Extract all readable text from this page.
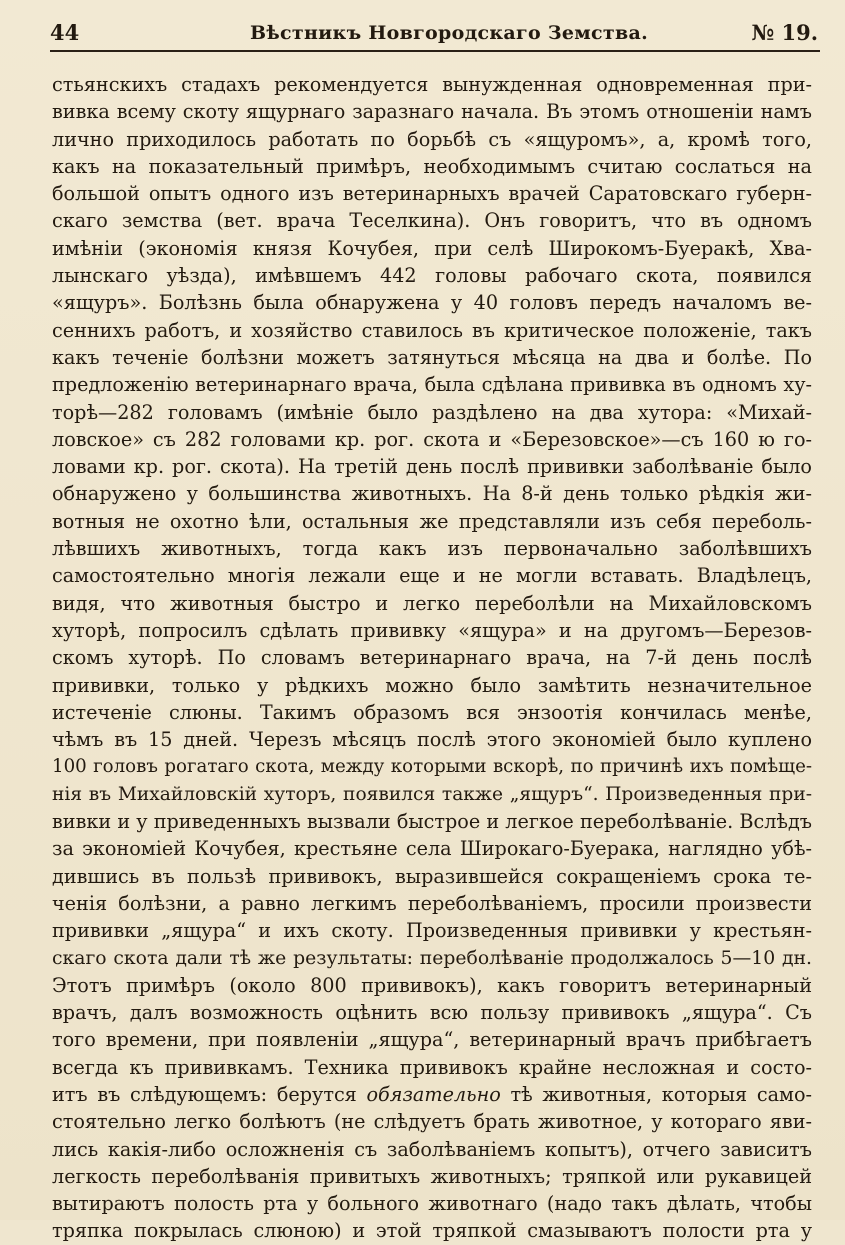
44	Вѣстникъ Новгородскаго Земства.	№ 19.
стьянскихъ стадахъ рекомендуется вынужденная одновременная при-
вивка всему скоту ящурнаго заразнаго начала. Въ этомъ отношеніи намъ
лично приходилось работать по борьбѣ съ «ящуромъ», а, кромѣ того,
какъ на показательный примѣръ, необходимымъ считаю сослаться на
большой опытъ одного изъ ветеринарныхъ врачей Саратовскаго губерн-
скаго земства (вет. врача Теселкина). Онъ говоритъ, что въ одномъ
имѣніи (экономія князя Кочубея, при селѣ Широкомъ-Буеракѣ, Хва-
лынскаго уѣзда), имѣвшемъ 442 головы рабочаго скота, появился
«ящуръ». Болѣзнь была обнаружена у 40 головъ передъ началомъ ве-
сеннихъ работъ, и хозяйство ставилось въ критическое положеніе, такъ
какъ теченіе болѣзни можетъ затянуться мѣсяца на два и болѣе. По
предложенію ветеринарнаго врача, была сдѣлана прививка въ одномъ ху-
торѣ—282 головамъ (имѣніе было раздѣлено на два хутора: «Михай-
ловское» съ 282 головами кр. рог. скота и «Березовское»—съ 160 ю го-
ловами кр. рог. скота). На третій день послѣ прививки заболѣваніе было
обнаружено у большинства животныхъ. На 8-й день только рѣдкія жи-
вотныя не охотно ѣли, остальныя же представляли изъ себя переболь-
лѣвшихъ животныхъ, тогда какъ изъ первоначально заболѣвшихъ
самостоятельно многія лежали еще и не могли вставать. Владѣлецъ,
видя, что животныя быстро и легко переболѣли на Михайловскомъ
хуторѣ, попросилъ сдѣлать прививку «ящура» и на другомъ—Березов-
скомъ хуторѣ. По словамъ ветеринарнаго врача, на 7-й день послѣ
прививки, только у рѣдкихъ можно было замѣтить незначительное
истеченіе слюны. Такимъ образомъ вся энзоотія кончилась менѣе,
чѣмъ въ 15 дней. Черезъ мѣсяцъ послѣ этого экономіей было куплено
100 головъ рогатаго скота, между которыми вскорѣ, по причинѣ ихъ помѣще-
нія въ Михайловскій хуторъ, появился также „ящуръ“. Произведенныя при-
вивки и у приведенныхъ вызвали быстрое и легкое переболѣваніе. Вслѣдъ
за экономіей Кочубея, крестьяне села Широкаго-Буерака, наглядно убѣ-
дившись въ пользѣ прививокъ, выразившейся сокращеніемъ срока те-
ченія болѣзни, а равно легкимъ переболѣваніемъ, просили произвести
прививки „ящура“ и ихъ скоту. Произведенныя прививки у крестьян-
скаго скота дали тѣ же результаты: переболѣваніе продолжалось 5—10 дн.
Этотъ примѣръ (около 800 прививокъ), какъ говоритъ ветеринарный
врачъ, далъ возможность оцѣнить всю пользу прививокъ „ящура“. Съ
того времени, при появленіи „ящура“, ветеринарный врачъ прибѣгаетъ
всегда къ прививкамъ. Техника прививокъ крайне несложная и состо-
итъ въ слѣдующемъ: берутся обязательно тѣ животныя, которыя само-
стоятельно легко болѣютъ (не слѣдуетъ брать животное, у котораго яви-
лись какія-либо осложненія съ заболѣваніемъ копытъ), отчего зависитъ
легкость переболѣванія привитыхъ животныхъ; тряпкой или рукавицей
вытираютъ полость рта у больного животнаго (надо такъ дѣлать, чтобы
тряпка покрылась слюною) и этой тряпкой смазываютъ полости рта у
